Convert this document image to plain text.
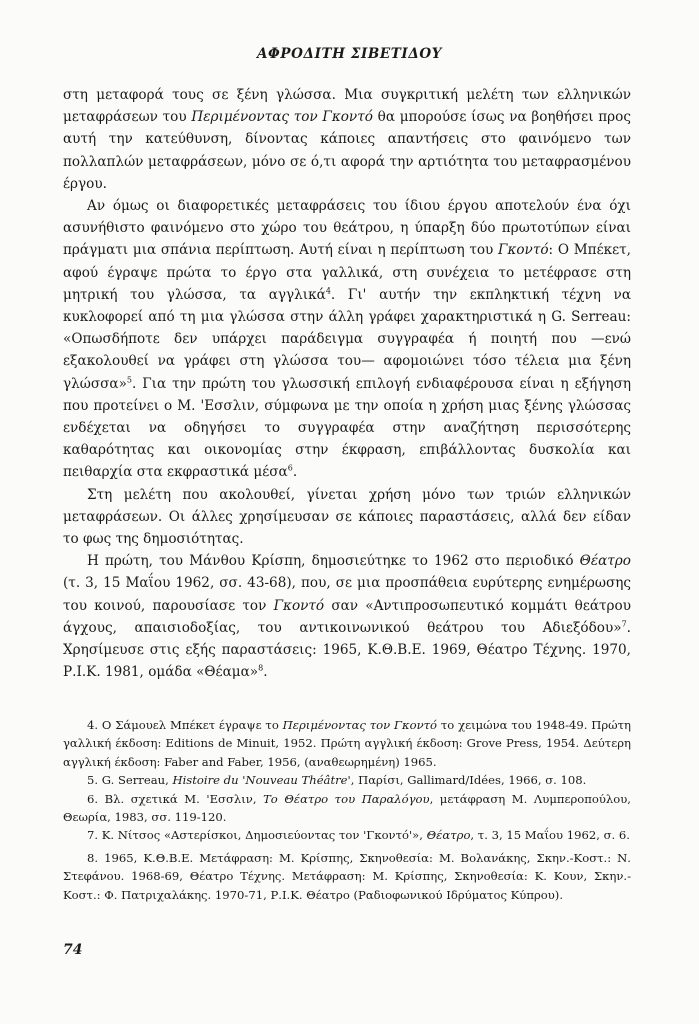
ΑΦΡΟΔΙΤΗ ΣΙΒΕΤΙΔΟΥ

στη μεταφορά τους σε ξένη γλώσσα. Μια συγκριτική μελέτη των ελληνικών μεταφράσεων του Περιμένοντας τον Γκοντό θα μπορούσε ίσως να βοηθήσει προς αυτή την κατεύθυνση, δίνοντας κάποιες απαντήσεις στο φαινόμενο των πολλαπλών μεταφράσεων, μόνο σε ό,τι αφορά την αρτιότητα του μεταφρασμένου έργου.

Αν όμως οι διαφορετικές μεταφράσεις του ίδιου έργου αποτελούν ένα όχι ασυνήθιστο φαινόμενο στο χώρο του θεάτρου, η ύπαρξη δύο πρωτοτύπων είναι πράγματι μια σπάνια περίπτωση. Αυτή είναι η περίπτωση του Γκοντό: Ο Μπέκετ, αφού έγραψε πρώτα το έργο στα γαλλικά, στη συνέχεια το μετέφρασε στη μητρική του γλώσσα, τα αγγλικά$^4$. Γι' αυτήν την εκπληκτική τέχνη να κυκλοφορεί από τη μια γλώσσα στην άλλη γράφει χαρακτηριστικά η G. Serreau: «Οπωσδήποτε δεν υπάρχει παράδειγμα συγγραφέα ή ποιητή που —ενώ εξακολουθεί να γράφει στη γλώσσα του— αφομοιώνει τόσο τέλεια μια ξένη γλώσσα»$^5$. Για την πρώτη του γλωσσική επιλογή ενδιαφέρουσα είναι η εξήγηση που προτείνει ο Μ. 'Εσσλιν, σύμφωνα με την οποία η χρήση μιας ξένης γλώσσας ενδέχεται να οδηγήσει το συγγραφέα στην αναζήτηση περισσότερης καθαρότητας και οικονομίας στην έκφραση, επιβάλλοντας δυσκολία και πειθαρχία στα εκφραστικά μέσα$^6$.

Στη μελέτη που ακολουθεί, γίνεται χρήση μόνο των τριών ελληνικών μεταφράσεων. Οι άλλες χρησίμευσαν σε κάποιες παραστάσεις, αλλά δεν είδαν το φως της δημοσιότητας.

Η πρώτη, του Μάνθου Κρίσπη, δημοσιεύτηκε το 1962 στο περιοδικό Θέατρο (τ. 3, 15 Μαΐου 1962, σσ. 43-68), που, σε μια προσπάθεια ευρύτερης ενημέρωσης του κοινού, παρουσίασε τον Γκοντό σαν «Αντιπροσωπευτικό κομμάτι θεάτρου άγχους, απαισιοδοξίας, του αντικοινωνικού θεάτρου του Αδιεξόδου»$^7$. Χρησίμευσε στις εξής παραστάσεις: 1965, Κ.Θ.Β.Ε. 1969, Θέατρο Τέχνης. 1970, Ρ.Ι.Κ. 1981, ομάδα «Θέαμα»$^8$.

4. Ο Σάμουελ Μπέκετ έγραψε το Περιμένοντας τον Γκοντό το χειμώνα του 1948-49. Πρώτη γαλλική έκδοση: Editions de Minuit, 1952. Πρώτη αγγλική έκδοση: Grove Press, 1954. Δεύτερη αγγλική έκδοση: Faber and Faber, 1956, (αναθεωρημένη) 1965.

5. G. Serreau, Histoire du 'Nouveau Théâtre', Παρίσι, Gallimard/Idées, 1966, σ. 108.

6. Βλ. σχετικά Μ. 'Εσσλιν, Το Θέατρο του Παραλόγου, μετάφραση Μ. Λυμπεροπούλου, Θεωρία, 1983, σσ. 119-120.

7. Κ. Νίτσος «Αστερίσκοι, Δημοσιεύοντας τον 'Γκοντό'», Θέατρο, τ. 3, 15 Μαΐου 1962, σ. 6.

8. 1965, Κ.Θ.Β.Ε. Μετάφραση: Μ. Κρίσπης, Σκηνοθεσία: Μ. Βολανάκης, Σκην.-Κοστ.: Ν. Στεφάνου. 1968-69, Θέατρο Τέχνης. Μετάφραση: Μ. Κρίσπης, Σκηνοθεσία: Κ. Κουν, Σκην.-Κοστ.: Φ. Πατριχαλάκης. 1970-71, Ρ.Ι.Κ. Θέατρο (Ραδιοφωνικού Ιδρύματος Κύπρου).

74
